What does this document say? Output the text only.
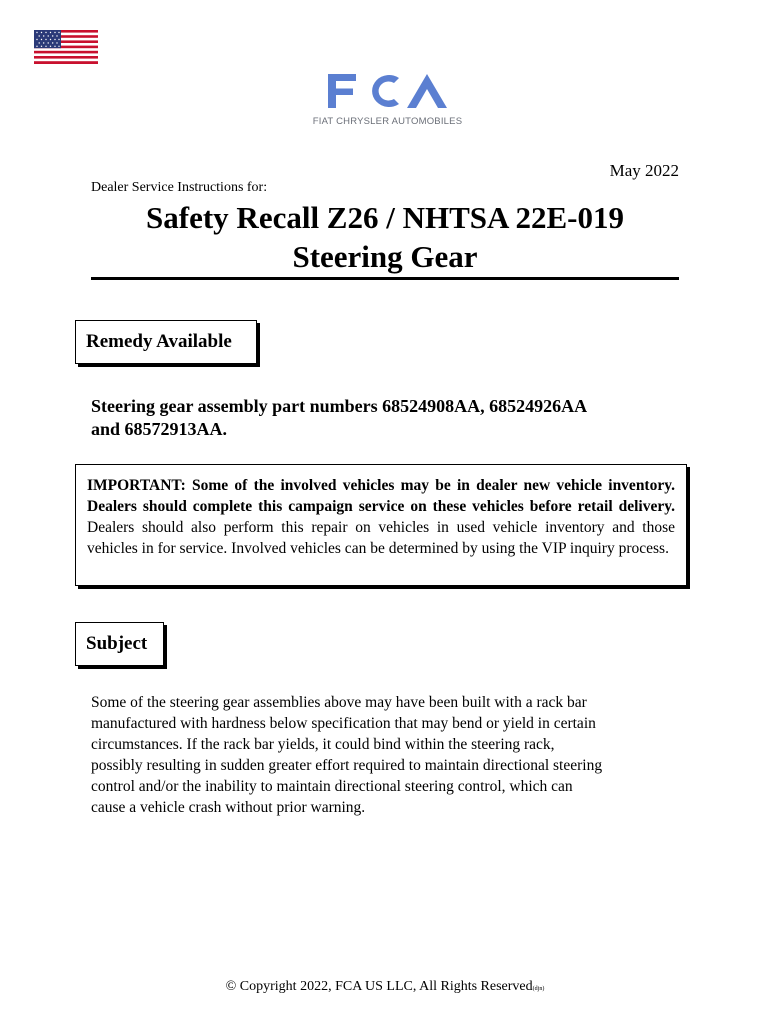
FIAT CHRYSLER AUTOMOBILES
May 2022
Dealer Service Instructions for:
Safety Recall Z26 / NHTSA 22E-019
Steering Gear
Remedy Available
Steering gear assembly part numbers 68524908AA, 68524926AA
and 68572913AA.
IMPORTANT: Some of the involved vehicles may be in dealer new vehicle inventory. Dealers should complete this campaign service on these vehicles before retail delivery. Dealers should also perform this repair on vehicles in used vehicle inventory and those vehicles in for service. Involved vehicles can be determined by using the VIP inquiry process.
Subject
Some of the steering gear assemblies above may have been built with a rack bar
manufactured with hardness below specification that may bend or yield in certain
circumstances. If the rack bar yields, it could bind within the steering rack,
possibly resulting in sudden greater effort required to maintain directional steering
control and/or the inability to maintain directional steering control, which can
cause a vehicle crash without prior warning.
© Copyright 2022, FCA US LLC, All Rights Reserved(djn)
